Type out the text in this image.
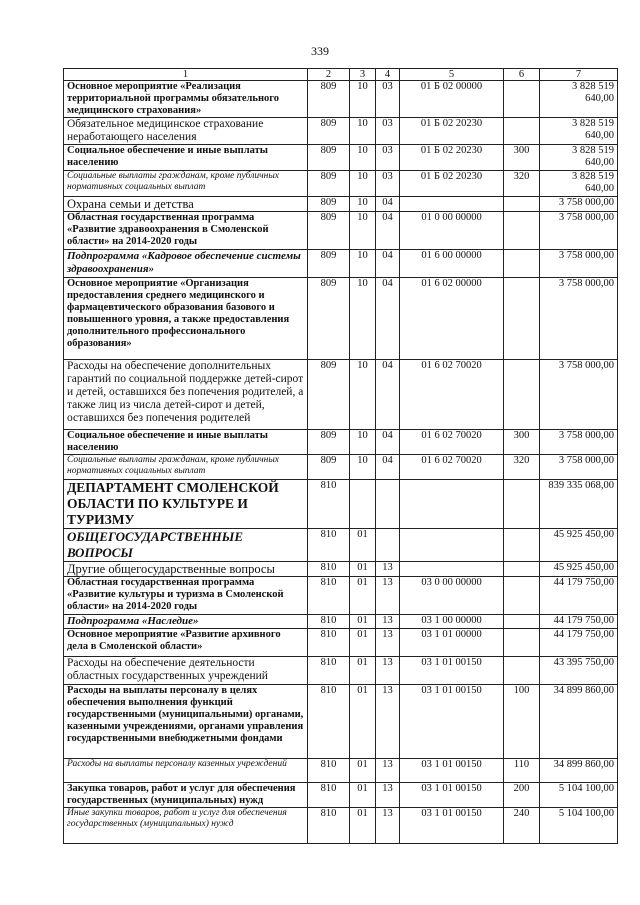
339
1	2	3	4	5	6	7
Основное мероприятие «Реализация территориальной программы обязательного медицинского страхования»	809	10	03	01 Б 02 00000		3 828 519 640,00
Обязательное медицинское страхование неработающего населения	809	10	03	01 Б 02 20230		3 828 519 640,00
Социальное обеспечение и иные выплаты населению	809	10	03	01 Б 02 20230	300	3 828 519 640,00
Социальные выплаты гражданам, кроме публичных нормативных социальных выплат	809	10	03	01 Б 02 20230	320	3 828 519 640,00
Охрана семьи и детства	809	10	04			3 758 000,00
Областная государственная программа «Развитие здравоохранения в Смоленской области» на 2014-2020 годы	809	10	04	01 0 00 00000		3 758 000,00
Подпрограмма «Кадровое обеспечение системы здравоохранения»	809	10	04	01 6 00 00000		3 758 000,00
Основное мероприятие «Организация предоставления среднего медицинского и фармацевтического образования базового и повышенного уровня, а также предоставления дополнительного профессионального образования»	809	10	04	01 6 02 00000		3 758 000,00
Расходы на обеспечение дополнительных гарантий по социальной поддержке детей-сирот и детей, оставшихся без попечения родителей, а также лиц из числа детей-сирот и детей, оставшихся без попечения родителей	809	10	04	01 6 02 70020		3 758 000,00
Социальное обеспечение и иные выплаты населению	809	10	04	01 6 02 70020	300	3 758 000,00
Социальные выплаты гражданам, кроме публичных нормативных социальных выплат	809	10	04	01 6 02 70020	320	3 758 000,00
ДЕПАРТАМЕНТ СМОЛЕНСКОЙ ОБЛАСТИ ПО КУЛЬТУРЕ И ТУРИЗМУ	810					839 335 068,00
ОБЩЕГОСУДАРСТВЕННЫЕ ВОПРОСЫ	810	01				45 925 450,00
Другие общегосударственные вопросы	810	01	13			45 925 450,00
Областная государственная программа «Развитие культуры и туризма в Смоленской области» на 2014-2020 годы	810	01	13	03 0 00 00000		44 179 750,00
Подпрограмма «Наследие»	810	01	13	03 1 00 00000		44 179 750,00
Основное мероприятие «Развитие архивного дела в Смоленской области»	810	01	13	03 1 01 00000		44 179 750,00
Расходы на обеспечение деятельности областных государственных учреждений	810	01	13	03 1 01 00150		43 395 750,00
Расходы на выплаты персоналу в целях обеспечения выполнения функций государственными (муниципальными) органами, казенными учреждениями, органами управления государственными внебюджетными фондами	810	01	13	03 1 01 00150	100	34 899 860,00
Расходы на выплаты персоналу казенных учреждений	810	01	13	03 1 01 00150	110	34 899 860,00
Закупка товаров, работ и услуг для обеспечения государственных (муниципальных) нужд	810	01	13	03 1 01 00150	200	5 104 100,00
Иные закупки товаров, работ и услуг для обеспечения государственных (муниципальных) нужд	810	01	13	03 1 01 00150	240	5 104 100,00
